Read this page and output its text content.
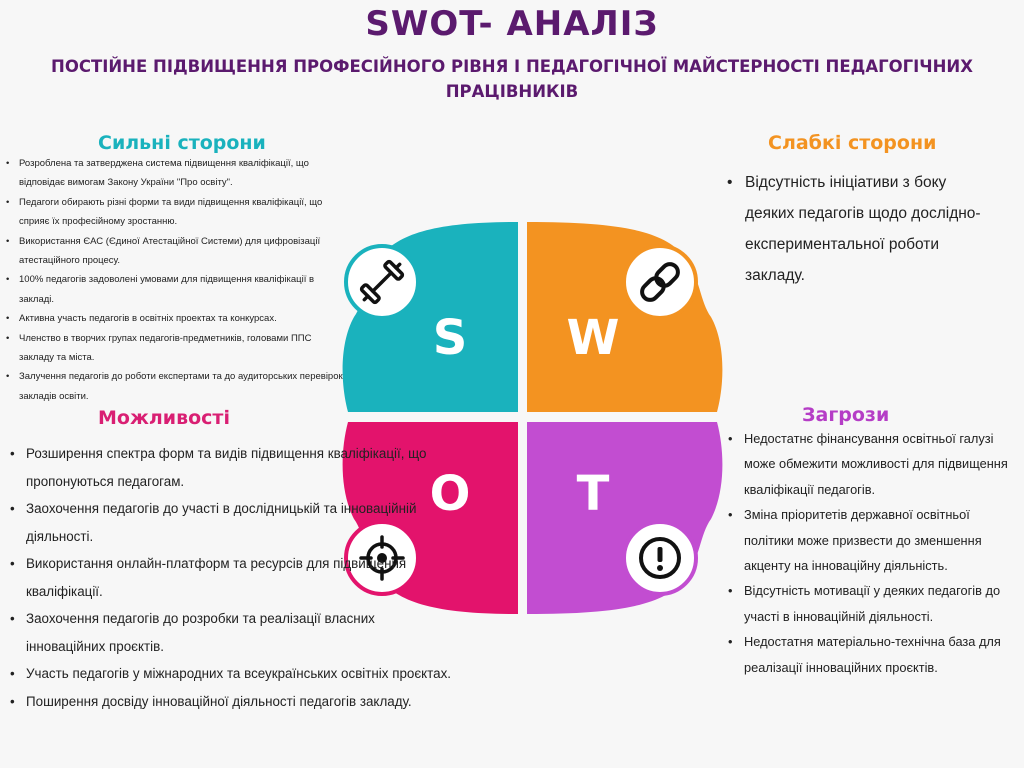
SWOT- АНАЛІЗ
ПОСТІЙНЕ ПІДВИЩЕННЯ ПРОФЕСІЙНОГО РІВНЯ І ПЕДАГОГІЧНОЇ МАЙСТЕРНОСТІ ПЕДАГОГІЧНИХ ПРАЦІВНИКІВ
Сильні сторони
• Розроблена та затверджена система підвищення кваліфікації, що відповідає вимогам Закону України "Про освіту".
• Педагоги обирають різні форми та види підвищення кваліфікації, що сприяє їх професійному зростанню.
• Використання ЄАС (Єдиної Атестаційної Системи) для цифровізації атестаційного процесу.
• 100% педагогів задоволені умовами для підвищення кваліфікації в закладі.
• Активна участь педагогів в освітніх проектах та конкурсах.
• Членство в творчих групах педагогів-предметників, головами ППС закладу та міста.
• Залучення педагогів до роботи експертами та до аудиторських перевірок закладів освіти.
Слабкі сторони
• Відсутність ініціативи з боку деяких педагогів щодо дослідно-експериментальної роботи закладу.
S	W
O	T
Можливості
• Розширення спектра форм та видів підвищення кваліфікації, що пропонуються педагогам.
• Заохочення педагогів до участі в дослідницькій та інноваційній діяльності.
• Використання онлайн-платформ та ресурсів для підвищення кваліфікації.
• Заохочення педагогів до розробки та реалізації власних інноваційних проєктів.
• Участь педагогів у міжнародних та всеукраїнських освітніх проєктах.
• Поширення досвіду інноваційної діяльності педагогів закладу.
Загрози
• Недостатнє фінансування освітньої галузі може обмежити можливості для підвищення кваліфікації педагогів.
• Зміна пріоритетів державної освітньої політики може призвести до зменшення акценту на інноваційну діяльність.
• Відсутність мотивації у деяких педагогів до участі в інноваційній діяльності.
• Недостатня матеріально-технічна база для реалізації інноваційних проєктів.
